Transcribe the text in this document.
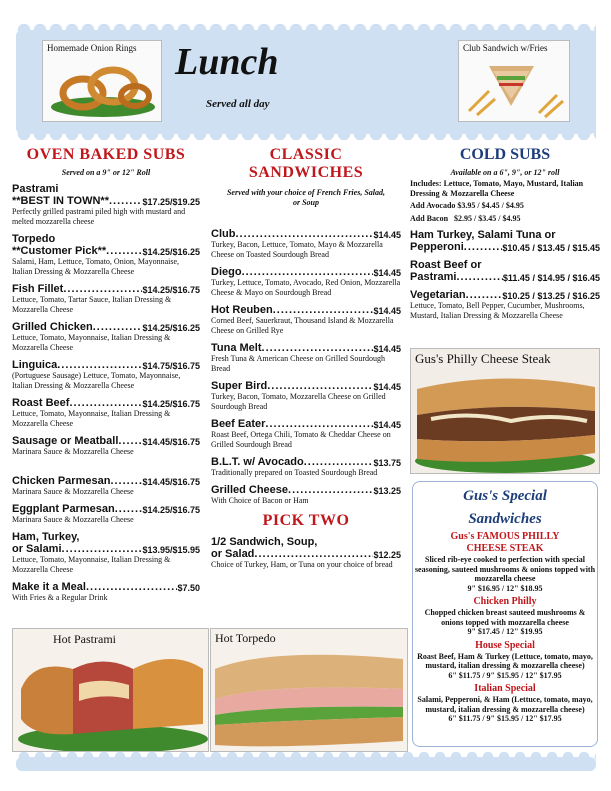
Homemade Onion Rings Lunch
Served all day
Club Sandwich w/Fries
OVEN BAKED SUBS
Served on a 9" or 12" Roll
Pastrami
**BEST IN TOWN** .....	$17.25/$19.25
Perfectly grilled pastrami piled high with mustard and melted mozzarella cheese
Torpedo
**Customer Pick** .....	$14.25/$16.25
Salami, Ham, Lettuce, Tomato, Onion, Mayonnaise, Italian Dressing & Mozzarella Cheese
Fish Fillet .....	$14.25/$16.75
Lettuce, Tomato, Tartar Sauce, Italian Dressing & Mozzarella Cheese
Grilled Chicken .....	$14.25/$16.25
Lettuce, Tomato, Mayonnaise, Italian Dressing & Mozzarella Cheese
Linguica .....	$14.75/$16.75
(Portuguese Sausage) Lettuce, Tomato, Mayonnaise, Italian Dressing & Mozzarella Cheese
Roast Beef .....	$14.25/$16.75
Lettuce, Tomato, Mayonnaise, Italian Dressing & Mozzarella Cheese
Sausage or Meatball .....	$14.45/$16.75
Marinara Sauce & Mozzarella Cheese
Chicken Parmesan .....	$14.45/$16.75
Marinara Sauce & Mozzarella Cheese
Eggplant Parmesan .....	$14.25/$16.75
Marinara Sauce & Mozzarella Cheese
Ham, Turkey,
or Salami .....	$13.95/$15.95
Lettuce, Tomato, Mayonnaise, Italian Dressing & Mozzarella Cheese
Make it a Meal .....	$7.50
With Fries & a Regular Drink
Hot Pastrami	Hot Torpedo
CLASSIC
SANDWICHES
Served with your choice of French Fries, Salad, or Soup
Club .....	$14.45
Turkey, Bacon, Lettuce, Tomato, Mayo & Mozzarella Cheese on Toasted Sourdough Bread
Diego .....	$14.45
Turkey, Lettuce, Tomato, Avocado, Red Onion, Mozzarella Cheese & Mayo on Sourdough Bread
Hot Reuben .....	$14.45
Corned Beef, Sauerkraut, Thousand Island & Mozzarella Cheese on Grilled Rye
Tuna Melt .....	$14.45
Fresh Tuna & American Cheese on Grilled Sourdough Bread
Super Bird .....	$14.45
Turkey, Bacon, Tomato, Mozzarella Cheese on Grilled Sourdough Bread
Beef Eater .....	$14.45
Roast Beef, Ortega Chili, Tomato & Cheddar Cheese on Grilled Sourdough Bread
B.L.T. w/ Avocado .....	$13.75
Traditionally prepared on Toasted Sourdough Bread
Grilled Cheese .....	$13.25
With Choice of Bacon or Ham
PICK TWO
1/2 Sandwich, Soup,
or Salad .....	$12.25
Choice of Turkey, Ham, or Tuna on your choice of bread
COLD SUBS
Available on a 6", 9", or 12" roll
Includes: Lettuce, Tomato, Mayo, Mustard, Italian Dressing & Mozzarella Cheese
Add Avocado $3.95 / $4.45 / $4.95
Add Bacon   $2.95 / $3.45 / $4.95
Ham Turkey, Salami Tuna or
Pepperoni .....	$10.45 / $13.45 / $15.45
Roast Beef or
Pastrami .....	$11.45 / $14.95 / $16.45
Vegetarian .....	$10.25 / $13.25 / $16.25
Lettuce, Tomato, Bell Pepper, Cucumber, Mushrooms, Mustard, Italian Dressing & Mozzarella Cheese
Gus's Philly Cheese Steak
Gus's Special
Sandwiches
Gus's FAMOUS PHILLY
CHEESE STEAK
Sliced rib-eye cooked to perfection with special seasoning, sauteed mushrooms & onions topped with mozzarella cheese
9" $16.95 / 12" $18.95
Chicken Philly
Chopped chicken breast sauteed mushrooms & onions topped with mozzarella cheese
9" $17.45 / 12" $19.95
House Special
Roast Beef, Ham & Turkey (Lettuce, tomato, mayo, mustard, italian dressing & mozzarella cheese)
6" $11.75 / 9" $15.95 / 12" $17.95
Italian Special
Salami, Pepperoni, & Ham (Lettuce, tomato, mayo, mustard, italian dressing & mozzarella cheese)
6" $11.75 / 9" $15.95 / 12" $17.95
